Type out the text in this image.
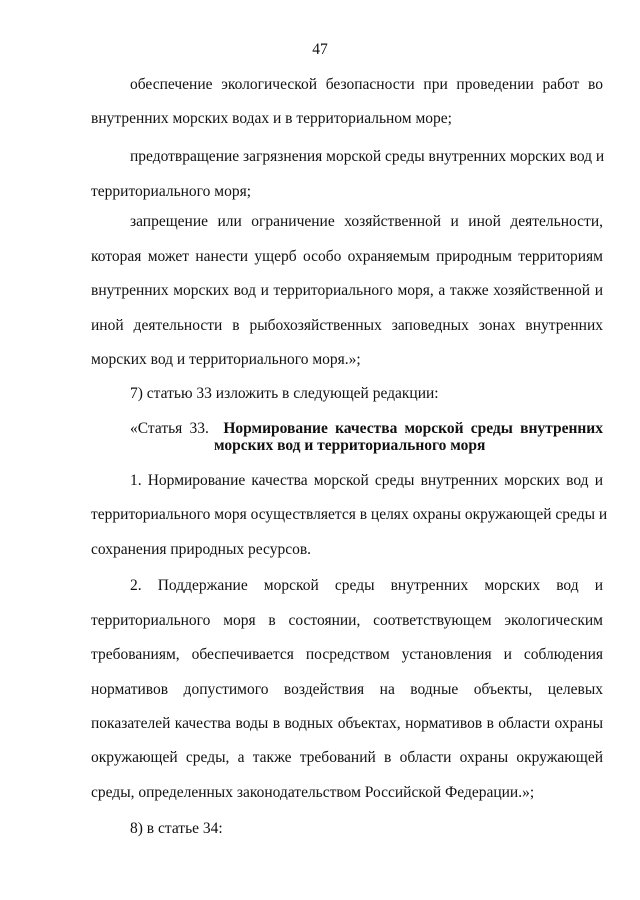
47
обеспечение экологической безопасности при проведении работ во
внутренних морских водах и в территориальном море;
предотвращение загрязнения морской среды внутренних морских вод и
территориального моря;
запрещение или ограничение хозяйственной и иной деятельности,
которая может нанести ущерб особо охраняемым природным территориям
внутренних морских вод и территориального моря, а также хозяйственной и
иной деятельности в рыбохозяйственных заповедных зонах внутренних
морских вод и территориального моря.»;
7) статью 33 изложить в следующей редакции:
«Статья 33. Нормирование качества морской среды внутренних
морских вод и территориального моря
1. Нормирование качества морской среды внутренних морских вод и
территориального моря осуществляется в целях охраны окружающей среды и
сохранения природных ресурсов.
2. Поддержание морской среды внутренних морских вод и
территориального моря в состоянии, соответствующем экологическим
требованиям, обеспечивается посредством установления и соблюдения
нормативов допустимого воздействия на водные объекты, целевых
показателей качества воды в водных объектах, нормативов в области охраны
окружающей среды, а также требований в области охраны окружающей
среды, определенных законодательством Российской Федерации.»;
8) в статье 34:
